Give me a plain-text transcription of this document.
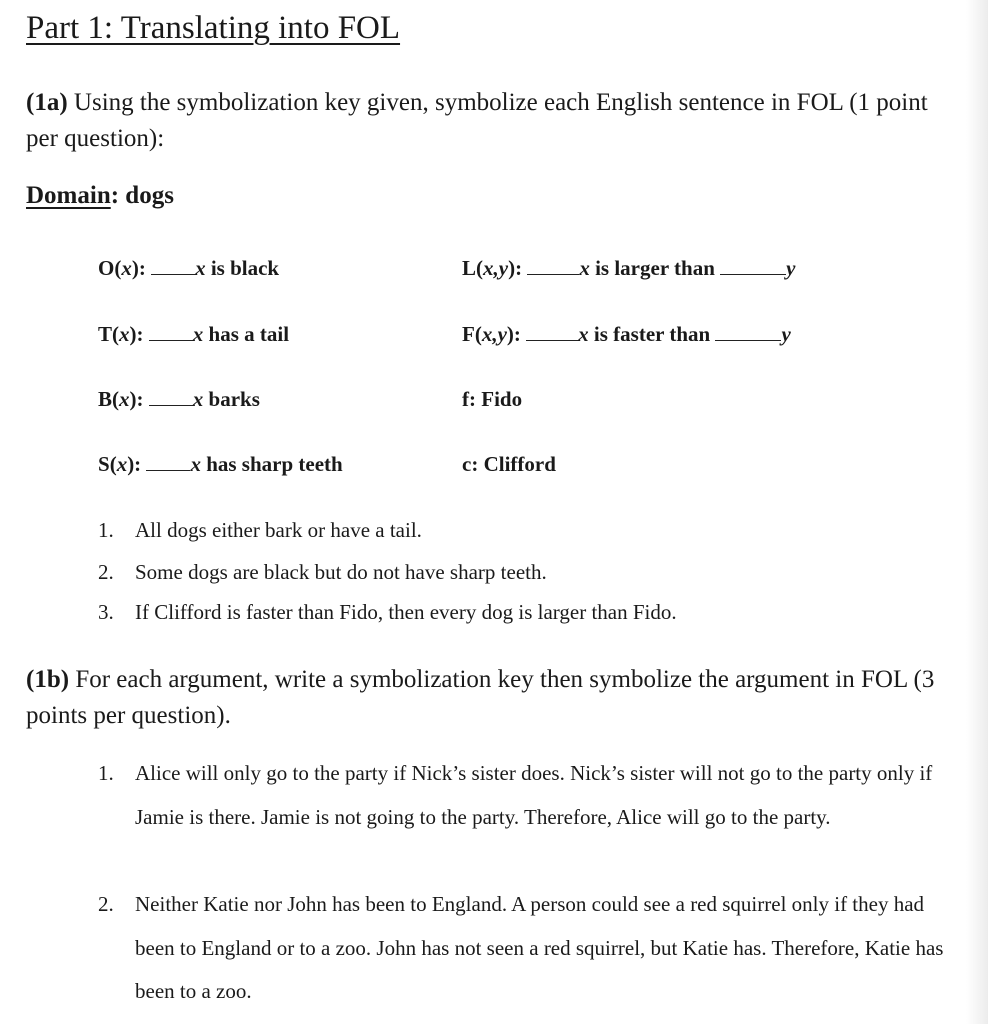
Part 1: Translating into FOL
(1a) Using the symbolization key given, symbolize each English sentence in FOL (1 point per question):
Domain: dogs
O(x): x is black
T(x): x has a tail
B(x): x barks
S(x): x has sharp teeth
L(x,y):	x is larger than	y
F(x,y):	x is faster than	y
f: Fido
c: Clifford
1. All dogs either bark or have a tail.
2. Some dogs are black but do not have sharp teeth.
3. If Clifford is faster than Fido, then every dog is larger than Fido.
(1b) For each argument, write a symbolization key then symbolize the argument in FOL (3 points per question).
1. Alice will only go to the party if Nick’s sister does. Nick’s sister will not go to the party only if Jamie is there. Jamie is not going to the party. Therefore, Alice will go to the party.
2. Neither Katie nor John has been to England. A person could see a red squirrel only if they had been to England or to a zoo. John has not seen a red squirrel, but Katie has. Therefore, Katie has been to a zoo.
